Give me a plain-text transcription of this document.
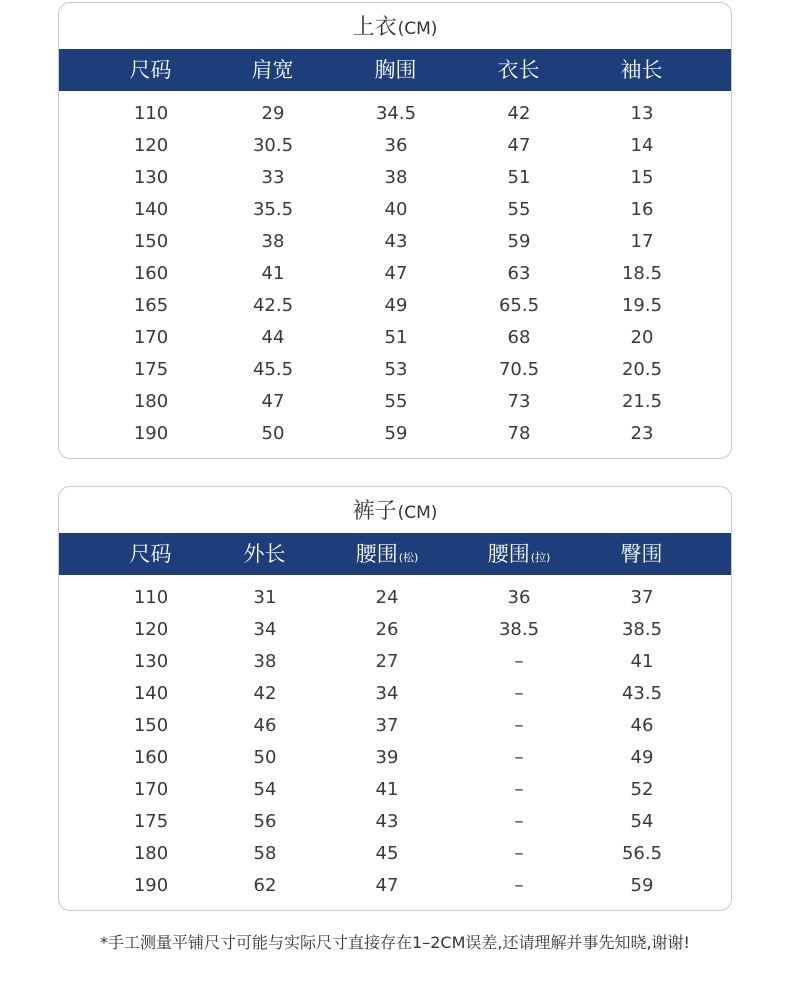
上衣(CM)
尺码	肩宽	胸围	衣长	袖长
110	29	34.5	42	13
120	30.5	36	47	14
130	33	38	51	15
140	35.5	40	55	16
150	38	43	59	17
160	41	47	63	18.5
165	42.5	49	65.5	19.5
170	44	51	68	20
175	45.5	53	70.5	20.5
180	47	55	73	21.5
190	50	59	78	23
裤子(CM)
尺码	外长	腰围(松)	腰围(拉)	臀围
110	31	24	36	37
120	34	26	38.5	38.5
130	38	27	–	41
140	42	34	–	43.5
150	46	37	–	46
160	50	39	–	49
170	54	41	–	52
175	56	43	–	54
180	58	45	–	56.5
190	62	47	–	59
*手工测量平铺尺寸可能与实际尺寸直接存在1–2CM误差,还请理解并事先知晓,谢谢!
